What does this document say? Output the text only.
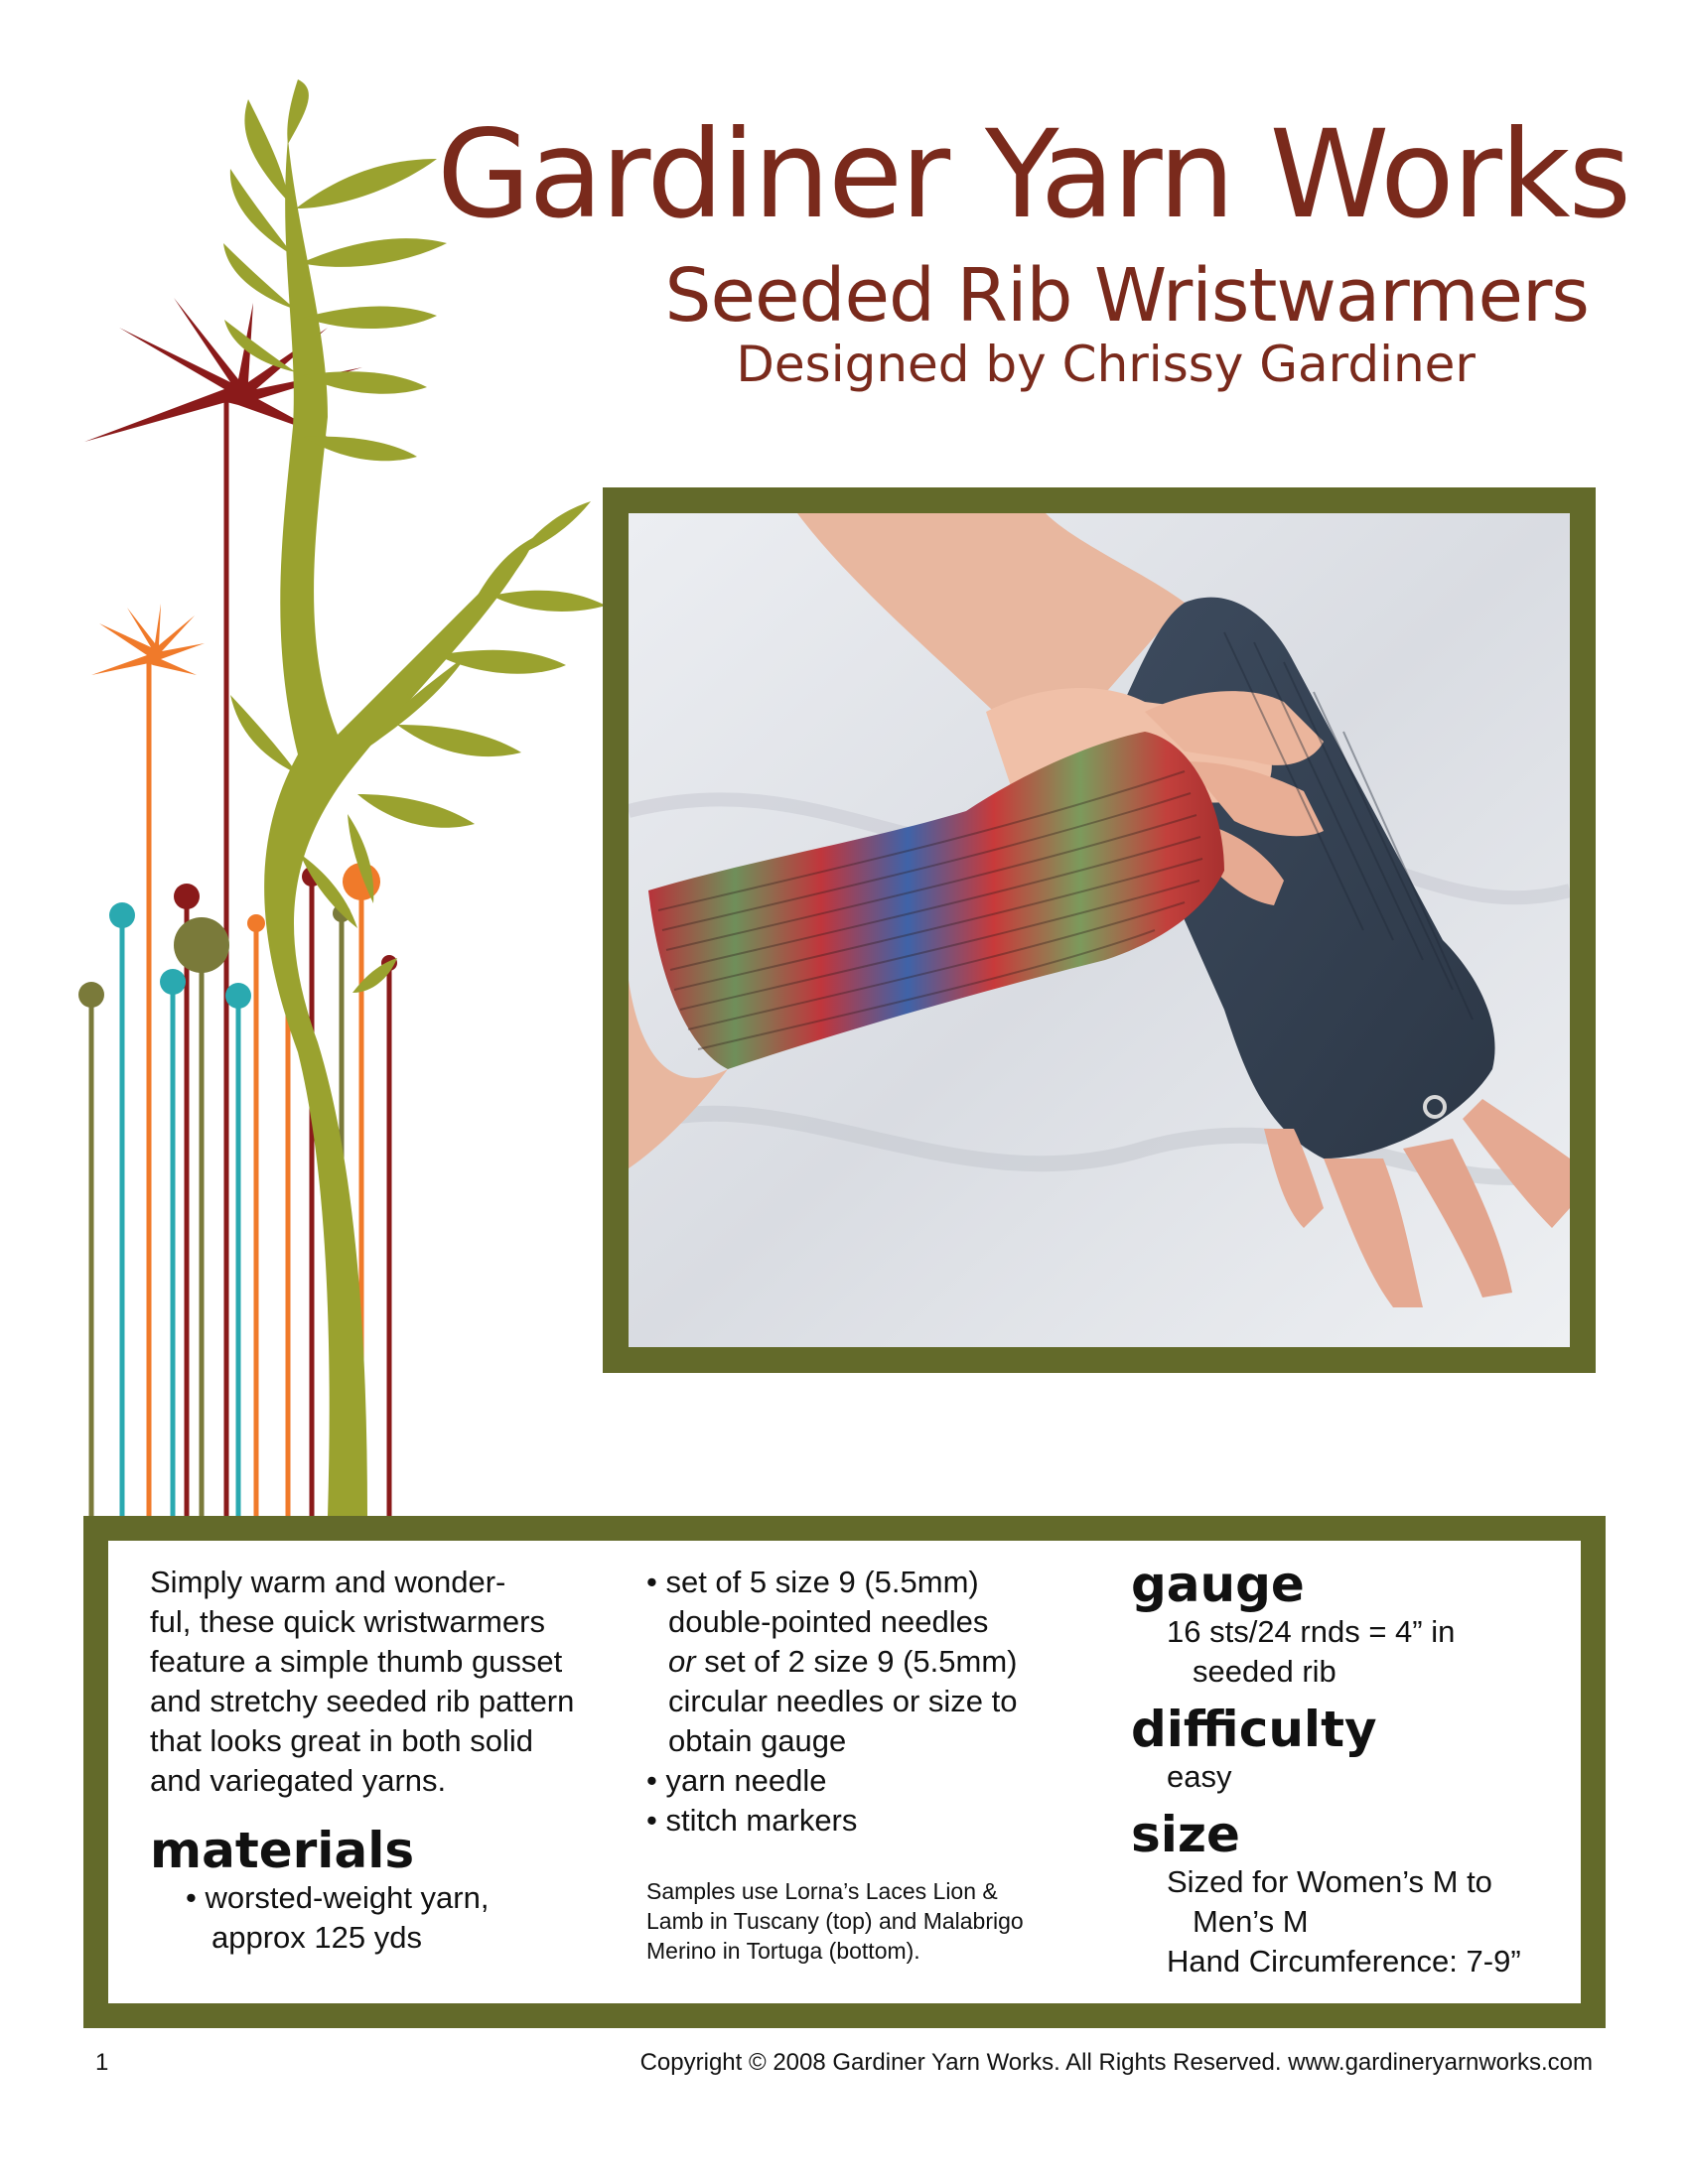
Gardiner Yarn Works
Seeded Rib Wristwarmers
Designed by Chrissy Gardiner

Simply warm and wonder-

ful, these quick wristwarmers

feature a simple thumb gusset

and stretchy seeded rib pattern

that looks great in both solid

and variegated yarns.

materials

• worsted-weight yarn,

approx 125 yds

• set of 5 size 9 (5.5mm)

double-pointed needles

or set of 2 size 9 (5.5mm)

circular needles or size to

obtain gauge

• yarn needle

• stitch markers

Samples use Lorna’s Laces Lion &

Lamb in Tuscany (top) and Malabrigo

Merino in Tortuga (bottom).

gauge

16 sts/24 rnds = 4” in

seeded rib

difficulty

easy

size

Sized for Women’s M to

Men’s M

Hand Circumference: 7-9”

1	Copyright © 2008 Gardiner Yarn Works. All Rights Reserved. www.gardineryarnworks.com
